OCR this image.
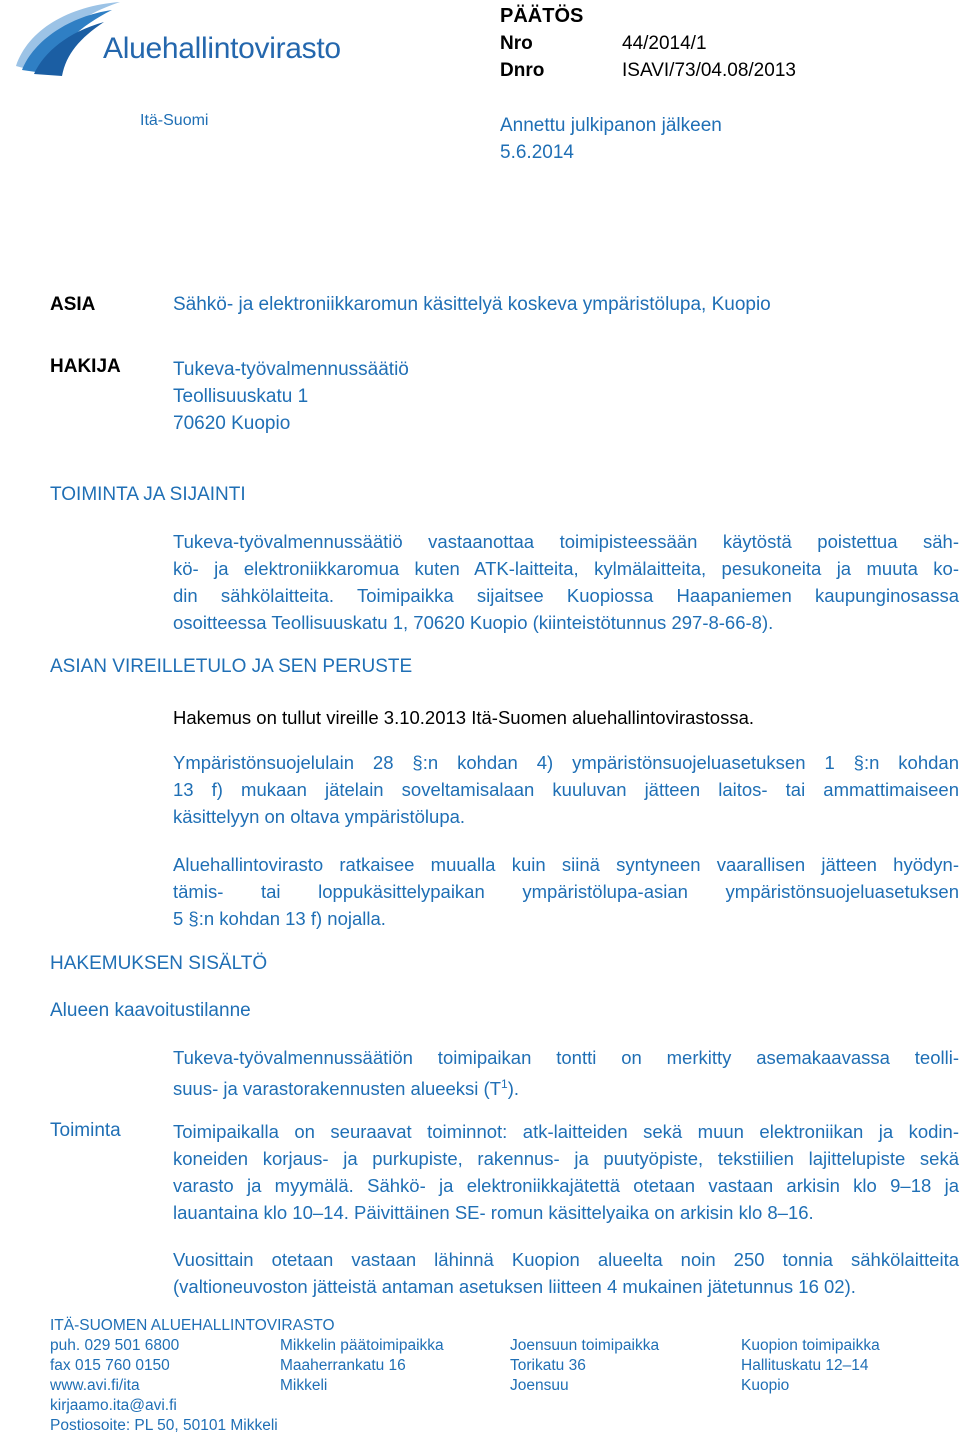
Aluehallintovirasto
Itä-Suomi
PÄÄTÖS
Nro	44/2014/1
Dnro	ISAVI/73/04.08/2013
Annettu julkipanon jälkeen
5.6.2014
ASIA	Sähkö- ja elektroniikkaromun käsittelyä koskeva ympäristölupa, Kuopio
HAKIJA	Tukeva-työvalmennussäätiö
Teollisuuskatu 1
70620 Kuopio
TOIMINTA JA SIJAINTI
Tukeva-työvalmennussäätiö vastaanottaa toimipisteessään käytöstä poistettua säh-
kö- ja elektroniikkaromua kuten ATK-laitteita, kylmälaitteita, pesukoneita ja muuta ko-
din sähkölaitteita. Toimipaikka sijaitsee Kuopiossa Haapaniemen kaupunginosassa
osoitteessa Teollisuuskatu 1, 70620 Kuopio (kiinteistötunnus 297-8-66-8).
ASIAN VIREILLETULO JA SEN PERUSTE
Hakemus on tullut vireille 3.10.2013 Itä-Suomen aluehallintovirastossa.
Ympäristönsuojelulain 28 §:n kohdan 4) ympäristönsuojeluasetuksen 1 §:n kohdan
13 f) mukaan jätelain soveltamisalaan kuuluvan jätteen laitos- tai ammattimaiseen
käsittelyyn on oltava ympäristölupa.
Aluehallintovirasto ratkaisee muualla kuin siinä syntyneen vaarallisen jätteen hyödyn-
tämis- tai loppukäsittelypaikan ympäristölupa-asian ympäristönsuojeluasetuksen
5 §:n kohdan 13 f) nojalla.
HAKEMUKSEN SISÄLTÖ
Alueen kaavoitustilanne
Tukeva-työvalmennussäätiön toimipaikan tontti on merkitty asemakaavassa teolli-
suus- ja varastorakennusten alueeksi $(T^1)$.
Toiminta	Toimipaikalla on seuraavat toiminnot: atk-laitteiden sekä muun elektroniikan ja kodin-
koneiden korjaus- ja purkupiste, rakennus- ja puutyöpiste, tekstiilien lajittelupiste sekä
varasto ja myymälä. Sähkö- ja elektroniikkajätettä otetaan vastaan arkisin klo 9–18 ja
lauantaina klo 10–14. Päivittäinen SE- romun käsittelyaika on arkisin klo 8–16.
Vuosittain otetaan vastaan lähinnä Kuopion alueelta noin 250 tonnia sähkölaitteita
(valtioneuvoston jätteistä antaman asetuksen liitteen 4 mukainen jätetunnus 16 02).
ITÄ-SUOMEN ALUEHALLINTOVIRASTO
puh. 029 501 6800
fax 015 760 0150
www.avi.fi/ita
kirjaamo.ita@avi.fi
Postiosoite: PL 50, 50101 Mikkeli
Mikkelin päätoimipaikka
Maaherrankatu 16
Mikkeli
Joensuun toimipaikka
Torikatu 36
Joensuu
Kuopion toimipaikka
Hallituskatu 12–14
Kuopio
